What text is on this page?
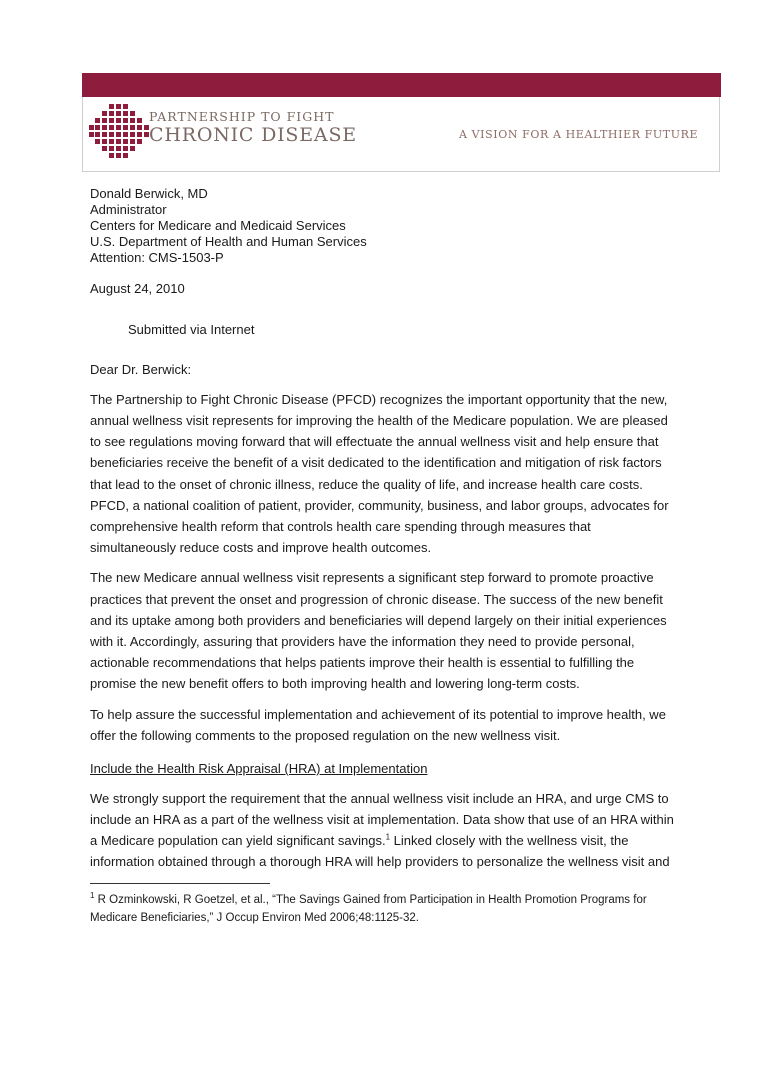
PARTNERSHIP TO FIGHT
CHRONIC DISEASE	A VISION FOR A HEALTHIER FUTURE

Donald Berwick, MD

Administrator

Centers for Medicare and Medicaid Services

U.S. Department of Health and Human Services

Attention: CMS-1503-P

August 24, 2010

Submitted via Internet

Dear Dr. Berwick:

The Partnership to Fight Chronic Disease (PFCD) recognizes the important opportunity that the new, annual wellness visit represents for improving the health of the Medicare population. We are pleased to see regulations moving forward that will effectuate the annual wellness visit and help ensure that beneficiaries receive the benefit of a visit dedicated to the identification and mitigation of risk factors that lead to the onset of chronic illness, reduce the quality of life, and increase health care costs. PFCD, a national coalition of patient, provider, community, business, and labor groups, advocates for comprehensive health reform that controls health care spending through measures that simultaneously reduce costs and improve health outcomes.

The new Medicare annual wellness visit represents a significant step forward to promote proactive practices that prevent the onset and progression of chronic disease. The success of the new benefit and its uptake among both providers and beneficiaries will depend largely on their initial experiences with it. Accordingly, assuring that providers have the information they need to provide personal, actionable recommendations that helps patients improve their health is essential to fulfilling the promise the new benefit offers to both improving health and lowering long-term costs.

To help assure the successful implementation and achievement of its potential to improve health, we offer the following comments to the proposed regulation on the new wellness visit.

Include the Health Risk Appraisal (HRA) at Implementation

We strongly support the requirement that the annual wellness visit include an HRA, and urge CMS to include an HRA as a part of the wellness visit at implementation. Data show that use of an HRA within a Medicare population can yield significant savings.$^1$ Linked closely with the wellness visit, the information obtained through a thorough HRA will help providers to personalize the wellness visit and

$^1$ R Ozminkowski, R Goetzel, et al., “The Savings Gained from Participation in Health Promotion Programs for Medicare Beneficiaries,” J Occup Environ Med 2006;48:1125-32.
